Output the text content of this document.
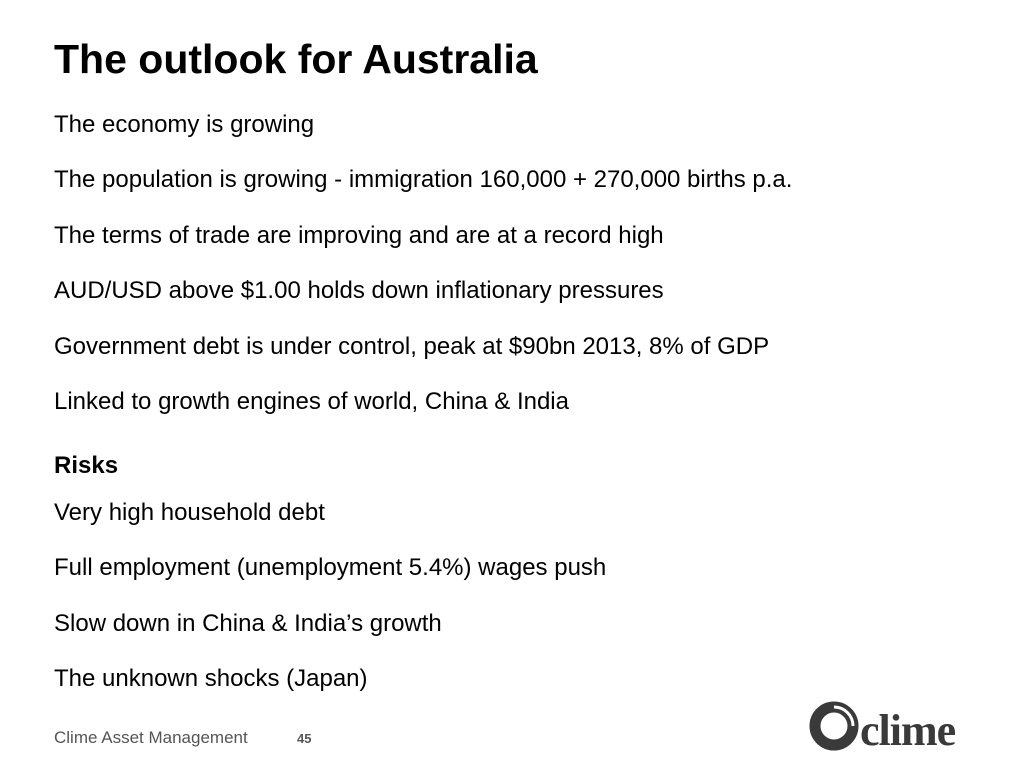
The outlook for Australia
The economy is growing
The population is growing - immigration 160,000 + 270,000 births p.a.
The terms of trade are improving and are at a record high
AUD/USD above $1.00 holds down inflationary pressures
Government debt is under control, peak at $90bn 2013, 8% of GDP
Linked to growth engines of world, China & India
Risks
Very high household debt
Full employment (unemployment 5.4%) wages push
Slow down in China & India’s growth
The unknown shocks (Japan)
Clime Asset Management	45	clime
